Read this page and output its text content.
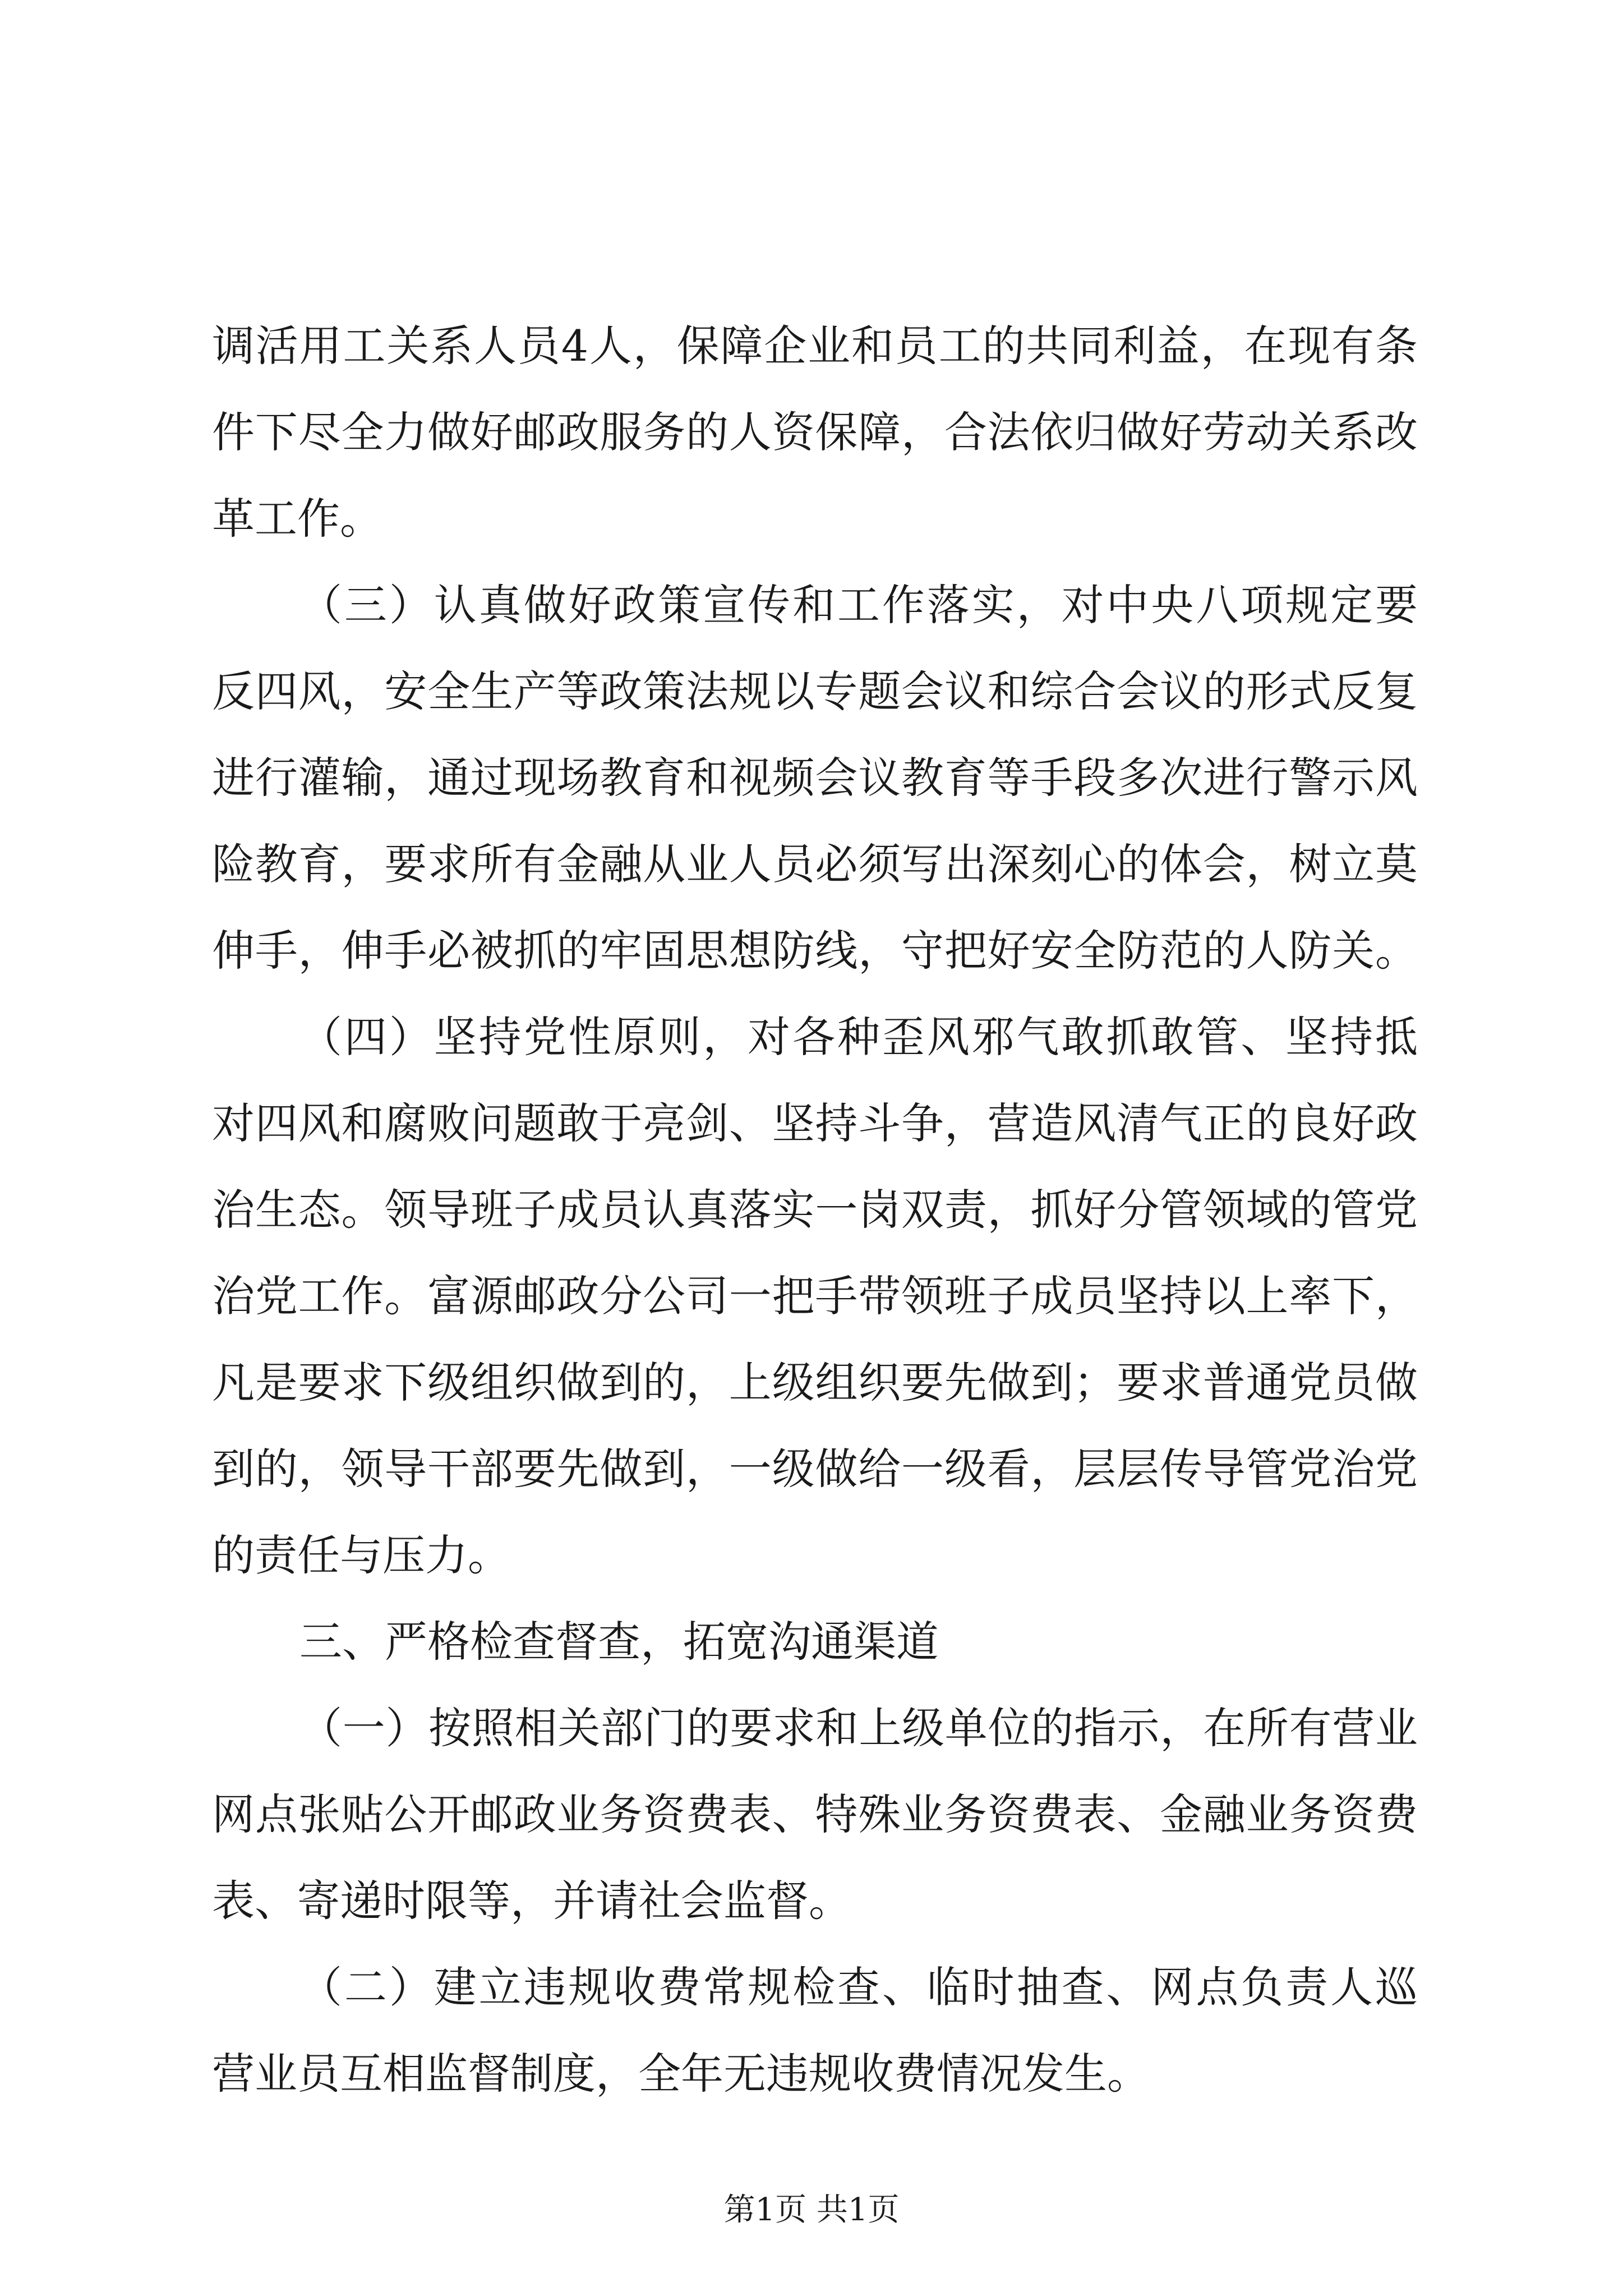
调活用工关系人员4人，保障企业和员工的共同利益，在现有条
件下尽全力做好邮政服务的人资保障，合法依归做好劳动关系改
革工作。

（三）认真做好政策宣传和工作落实，对中央八项规定要
反四风，安全生产等政策法规以专题会议和综合会议的形式反复
进行灌输，通过现场教育和视频会议教育等手段多次进行警示风
险教育，要求所有金融从业人员必须写出深刻心的体会，树立莫
伸手，伸手必被抓的牢固思想防线，守把好安全防范的人防关。

（四）坚持党性原则，对各种歪风邪气敢抓敢管、坚持抵
对四风和腐败问题敢于亮剑、坚持斗争，营造风清气正的良好政
治生态。领导班子成员认真落实一岗双责，抓好分管领域的管党
治党工作。富源邮政分公司一把手带领班子成员坚持以上率下，
凡是要求下级组织做到的，上级组织要先做到；要求普通党员做
到的，领导干部要先做到，一级做给一级看，层层传导管党治党
的责任与压力。

三、严格检查督查，拓宽沟通渠道

（一）按照相关部门的要求和上级单位的指示，在所有营业
网点张贴公开邮政业务资费表、特殊业务资费表、金融业务资费
表、寄递时限等，并请社会监督。

（二）建立违规收费常规检查、临时抽查、网点负责人巡
营业员互相监督制度，全年无违规收费情况发生。

第1页 共1页
